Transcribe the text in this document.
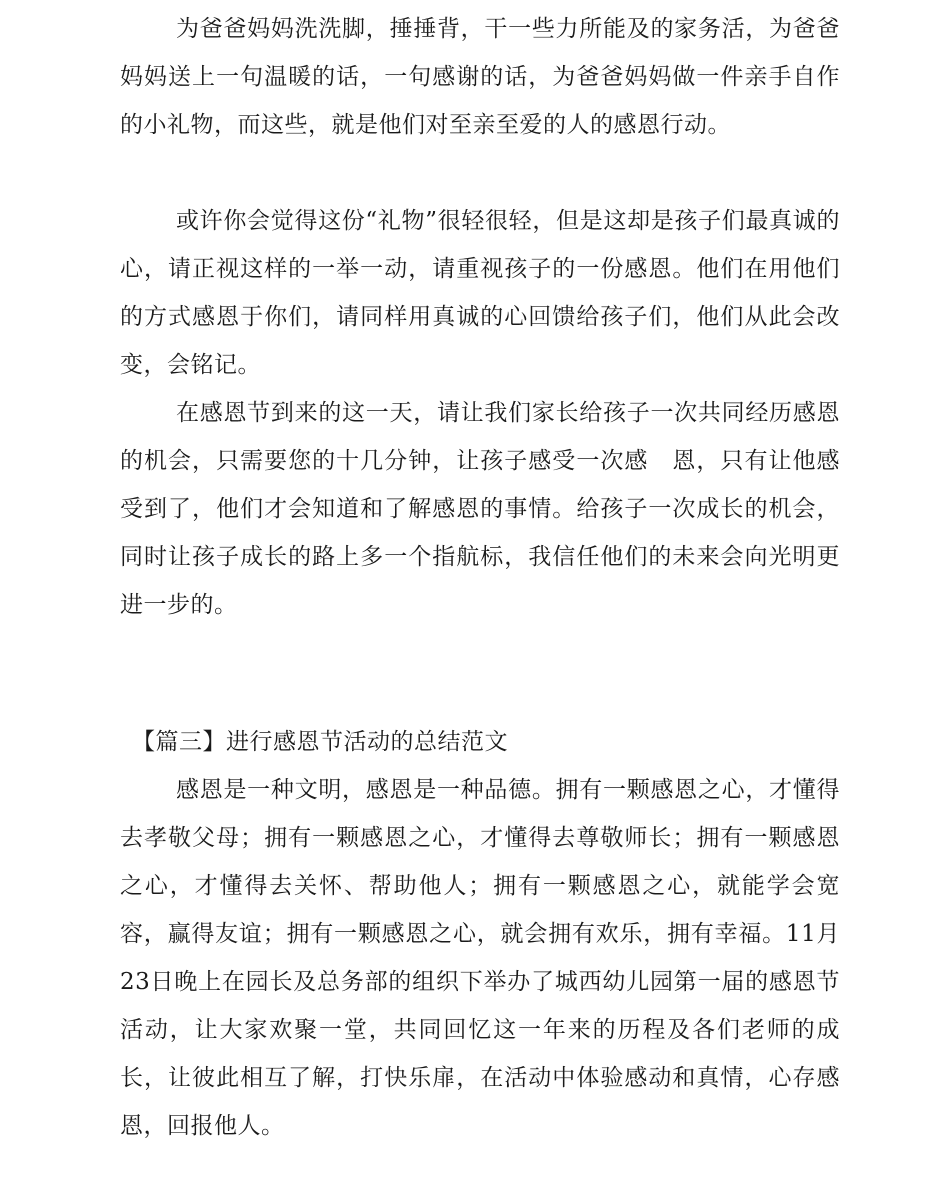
为爸爸妈妈洗洗脚，捶捶背，干一些力所能及的家务活，为爸爸妈妈送上一句温暖的话，一句感谢的话，为爸爸妈妈做一件亲手自作的小礼物，而这些，就是他们对至亲至爱的人的感恩行动。

或许你会觉得这份“礼物”很轻很轻，但是这却是孩子们最真诚的心，请正视这样的一举一动，请重视孩子的一份感恩。他们在用他们的方式感恩于你们，请同样用真诚的心回馈给孩子们，他们从此会改变，会铭记。

在感恩节到来的这一天，请让我们家长给孩子一次共同经历感恩的机会，只需要您的十几分钟，让孩子感受一次感　恩，只有让他感受到了，他们才会知道和了解感恩的事情。给孩子一次成长的机会，同时让孩子成长的路上多一个指航标，我信任他们的未来会向光明更进一步的。

【篇三】进行感恩节活动的总结范文

感恩是一种文明，感恩是一种品德。拥有一颗感恩之心，才懂得去孝敬父母；拥有一颗感恩之心，才懂得去尊敬师长；拥有一颗感恩之心，才懂得去关怀、帮助他人；拥有一颗感恩之心，就能学会宽容，赢得友谊；拥有一颗感恩之心，就会拥有欢乐，拥有幸福。11月23日晚上在园长及总务部的组织下举办了城西幼儿园第一届的感恩节活动，让大家欢聚一堂，共同回忆这一年来的历程及各们老师的成长，让彼此相互了解，打快乐扉，在活动中体验感动和真情，心存感恩，回报他人。
